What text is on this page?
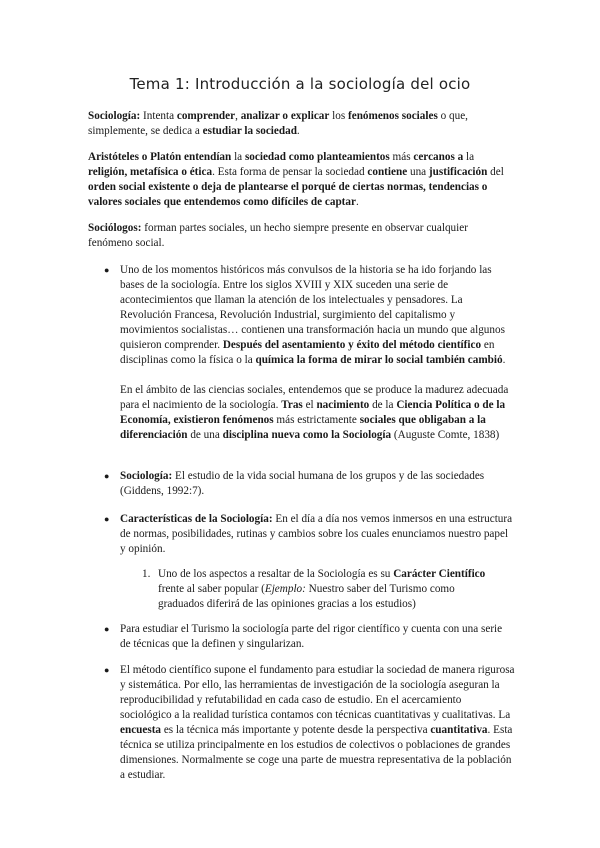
Tema 1: Introducción a la sociología del ocio

Sociología: Intenta comprender, analizar o explicar los fenómenos sociales o que, simplemente, se dedica a estudiar la sociedad.

Aristóteles o Platón entendían la sociedad como planteamientos más cercanos a la religión, metafísica o ética. Esta forma de pensar la sociedad contiene una justificación del orden social existente o deja de plantearse el porqué de ciertas normas, tendencias o valores sociales que entendemos como difíciles de captar.

Sociólogos: forman partes sociales, un hecho siempre presente en observar cualquier fenómeno social.

● Uno de los momentos históricos más convulsos de la historia se ha ido forjando las bases de la sociología. Entre los siglos XVIII y XIX suceden una serie de acontecimientos que llaman la atención de los intelectuales y pensadores. La Revolución Francesa, Revolución Industrial, surgimiento del capitalismo y movimientos socialistas… contienen una transformación hacia un mundo que algunos quisieron comprender. Después del asentamiento y éxito del método científico en disciplinas como la física o la química la forma de mirar lo social también cambió.

En el ámbito de las ciencias sociales, entendemos que se produce la madurez adecuada para el nacimiento de la sociología. Tras el nacimiento de la Ciencia Política o de la Economía, existieron fenómenos más estrictamente sociales que obligaban a la diferenciación de una disciplina nueva como la Sociología (Auguste Comte, 1838)

● Sociología: El estudio de la vida social humana de los grupos y de las sociedades (Giddens, 1992:7).

● Características de la Sociología: En el día a día nos vemos inmersos en una estructura de normas, posibilidades, rutinas y cambios sobre los cuales enunciamos nuestro papel y opinión.

1. Uno de los aspectos a resaltar de la Sociología es su Carácter Científico frente al saber popular (Ejemplo: Nuestro saber del Turismo como graduados diferirá de las opiniones gracias a los estudios)

● Para estudiar el Turismo la sociología parte del rigor científico y cuenta con una serie de técnicas que la definen y singularizan.

● El método científico supone el fundamento para estudiar la sociedad de manera rigurosa y sistemática. Por ello, las herramientas de investigación de la sociología aseguran la reproducibilidad y refutabilidad en cada caso de estudio. En el acercamiento sociológico a la realidad turística contamos con técnicas cuantitativas y cualitativas. La encuesta es la técnica más importante y potente desde la perspectiva cuantitativa. Esta técnica se utiliza principalmente en los estudios de colectivos o poblaciones de grandes dimensiones. Normalmente se coge una parte de muestra representativa de la población a estudiar.
